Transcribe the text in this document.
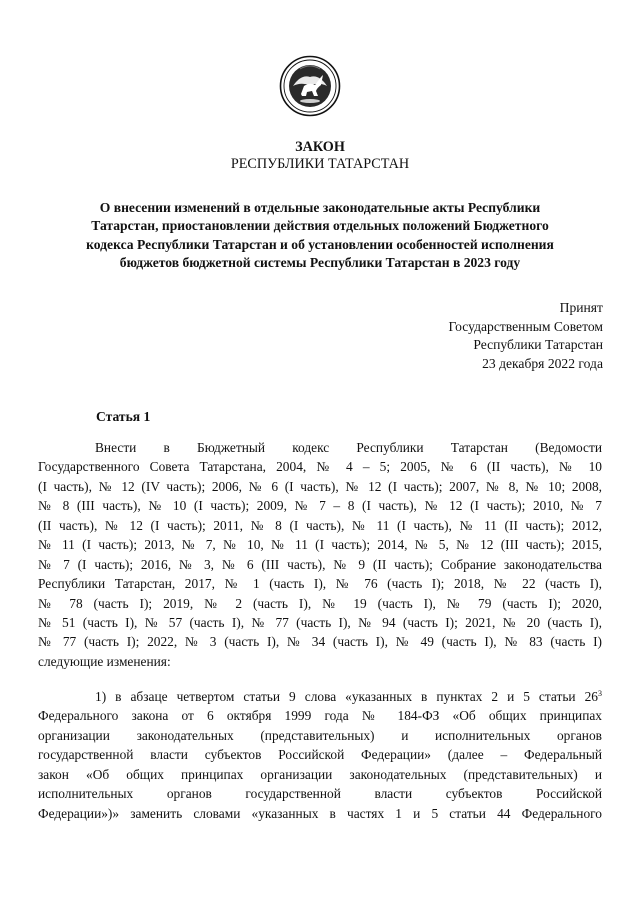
ЗАКОН
РЕСПУБЛИКИ ТАТАРСТАН
О внесении изменений в отдельные законодательные акты Республики
Татарстан, приостановлении действия отдельных положений Бюджетного
кодекса Республики Татарстан и об установлении особенностей исполнения
бюджетов бюджетной системы Республики Татарстан в 2023 году
Принят
Государственным Советом
Республики Татарстан
23 декабря 2022 года
Статья 1
Внести в Бюджетный кодекс Республики Татарстан (Ведомости
Государственного Совета Татарстана, 2004, № 4 – 5; 2005, № 6 (II часть), № 10
(I часть), № 12 (IV часть); 2006, № 6 (I часть), № 12 (I часть); 2007, № 8, № 10; 2008,
№ 8 (III часть), № 10 (I часть); 2009, № 7 – 8 (I часть), № 12 (I часть); 2010, № 7
(II часть), № 12 (I часть); 2011, № 8 (I часть), № 11 (I часть), № 11 (II часть); 2012,
№ 11 (I часть); 2013, № 7, № 10, № 11 (I часть); 2014, № 5, № 12 (III часть); 2015,
№ 7 (I часть); 2016, № 3, № 6 (III часть), № 9 (II часть); Собрание законодательства
Республики Татарстан, 2017, № 1 (часть I), № 76 (часть I); 2018, № 22 (часть I),
№ 78 (часть I); 2019, № 2 (часть I), № 19 (часть I), № 79 (часть I); 2020,
№ 51 (часть I), № 57 (часть I), № 77 (часть I), № 94 (часть I); 2021, № 20 (часть I),
№ 77 (часть I); 2022, № 3 (часть I), № 34 (часть I), № 49 (часть I), № 83 (часть I)
следующие изменения:
1) в абзаце четвертом статьи 9 слова «указанных в пунктах 2 и 5 статьи $26^3$
Федерального закона от 6 октября 1999 года № 184-ФЗ «Об общих принципах
организации законодательных (представительных) и исполнительных органов
государственной власти субъектов Российской Федерации» (далее – Федеральный
закон «Об общих принципах организации законодательных (представительных) и
исполнительных органов государственной власти субъектов Российской
Федерации»)» заменить словами «указанных в частях 1 и 5 статьи 44 Федерального
